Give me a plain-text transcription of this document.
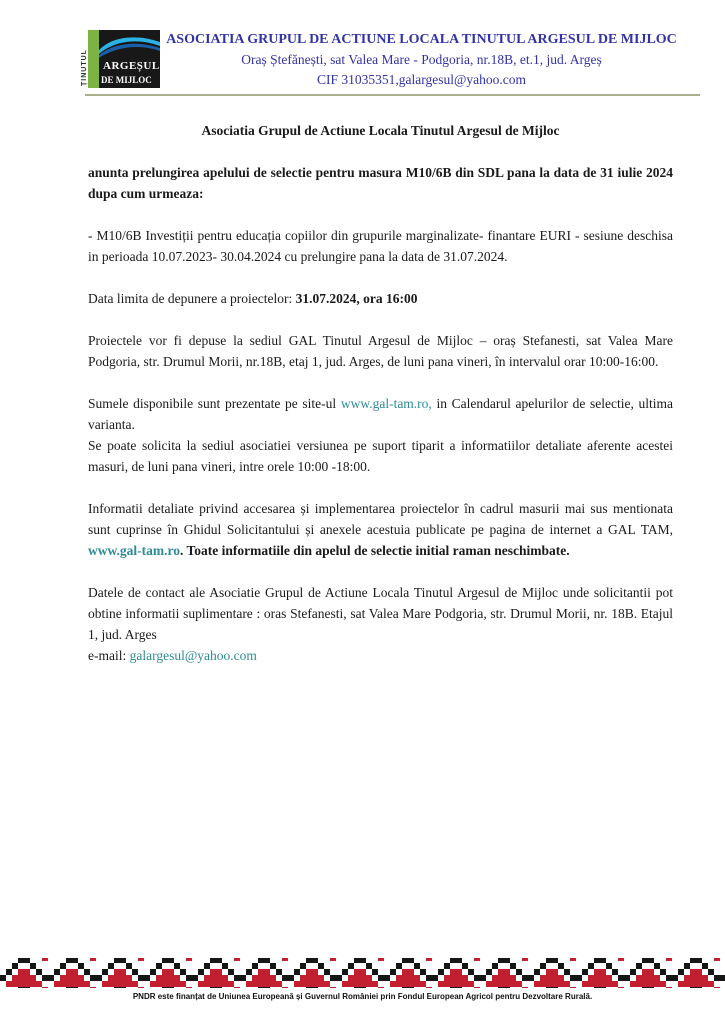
ȚINUTUL ARGEȘUL
DE MIJLOC
ASOCIATIA GRUPUL DE ACTIUNE LOCALA TINUTUL ARGESUL DE MIJLOC
Oraș Ștefănești, sat Valea Mare - Podgoria, nr.18B, et.1, jud. Argeș
CIF 31035351,galargesul@yahoo.com

Asociatia Grupul de Actiune Locala Tinutul Argesul de Mijloc

anunta prelungirea apelului de selectie pentru masura M10/6B din SDL pana la data de 31 iulie 2024 dupa cum urmeaza:

- M10/6B Investiții pentru educația copiilor din grupurile marginalizate- finantare EURI - sesiune deschisa in perioada 10.07.2023- 30.04.2024 cu prelungire pana la data de 31.07.2024.

Data limita de depunere a proiectelor: 31.07.2024, ora 16:00

Proiectele vor fi depuse la sediul GAL Tinutul Argesul de Mijloc – oraș Stefanesti, sat Valea Mare Podgoria, str. Drumul Morii, nr.18B, etaj 1, jud. Arges, de luni pana vineri, în intervalul orar 10:00-16:00.

Sumele disponibile sunt prezentate pe site-ul www.gal-tam.ro, in Calendarul apelurilor de selectie, ultima varianta.

Se poate solicita la sediul asociatiei versiunea pe suport tiparit a informatiilor detaliate aferente acestei masuri, de luni pana vineri, intre orele 10:00 -18:00.

Informatii detaliate privind accesarea și implementarea proiectelor în cadrul masurii mai sus mentionata sunt cuprinse în Ghidul Solicitantului și anexele acestuia publicate pe pagina de internet a GAL TAM, www.gal-tam.ro. Toate informatiile din apelul de selectie initial raman neschimbate.

Datele de contact ale Asociatie Grupul de Actiune Locala Tinutul Argesul de Mijloc unde solicitantii pot obtine informatii suplimentare : oras Stefanesti, sat Valea Mare Podgoria, str. Drumul Morii, nr. 18B. Etajul 1, jud. Arges

e-mail: galargesul@yahoo.com

PNDR este finanțat de Uniunea Europeană și Guvernul României prin Fondul European Agricol pentru Dezvoltare Rurală.
